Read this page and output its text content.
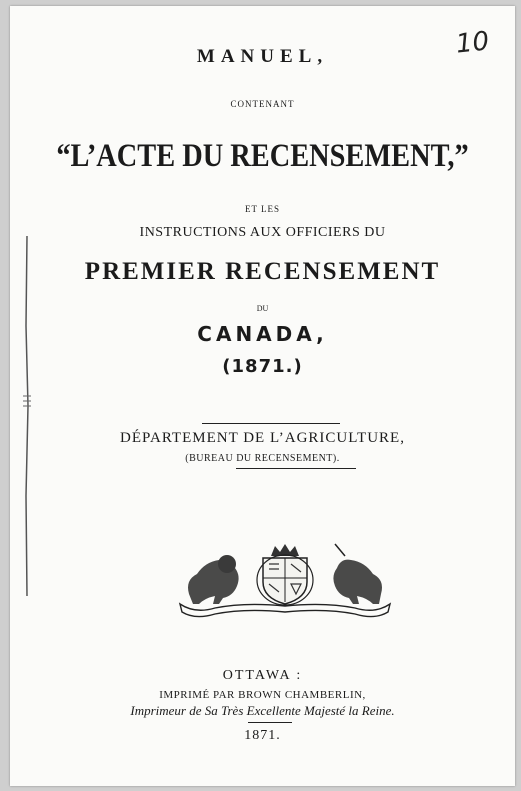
10
MANUEL,
CONTENANT
“L’ACTE DU RECENSEMENT,”
ET LES
INSTRUCTIONS AUX OFFICIERS DU
PREMIER RECENSEMENT
DU
CANADA,
(1871.)
DÉPARTEMENT DE L’AGRICULTURE,
(BUREAU DU RECENSEMENT).
OTTAWA :
IMPRIMÉ PAR BROWN CHAMBERLIN,
Imprimeur de Sa Très Excellente Majesté la Reine.
1871.
